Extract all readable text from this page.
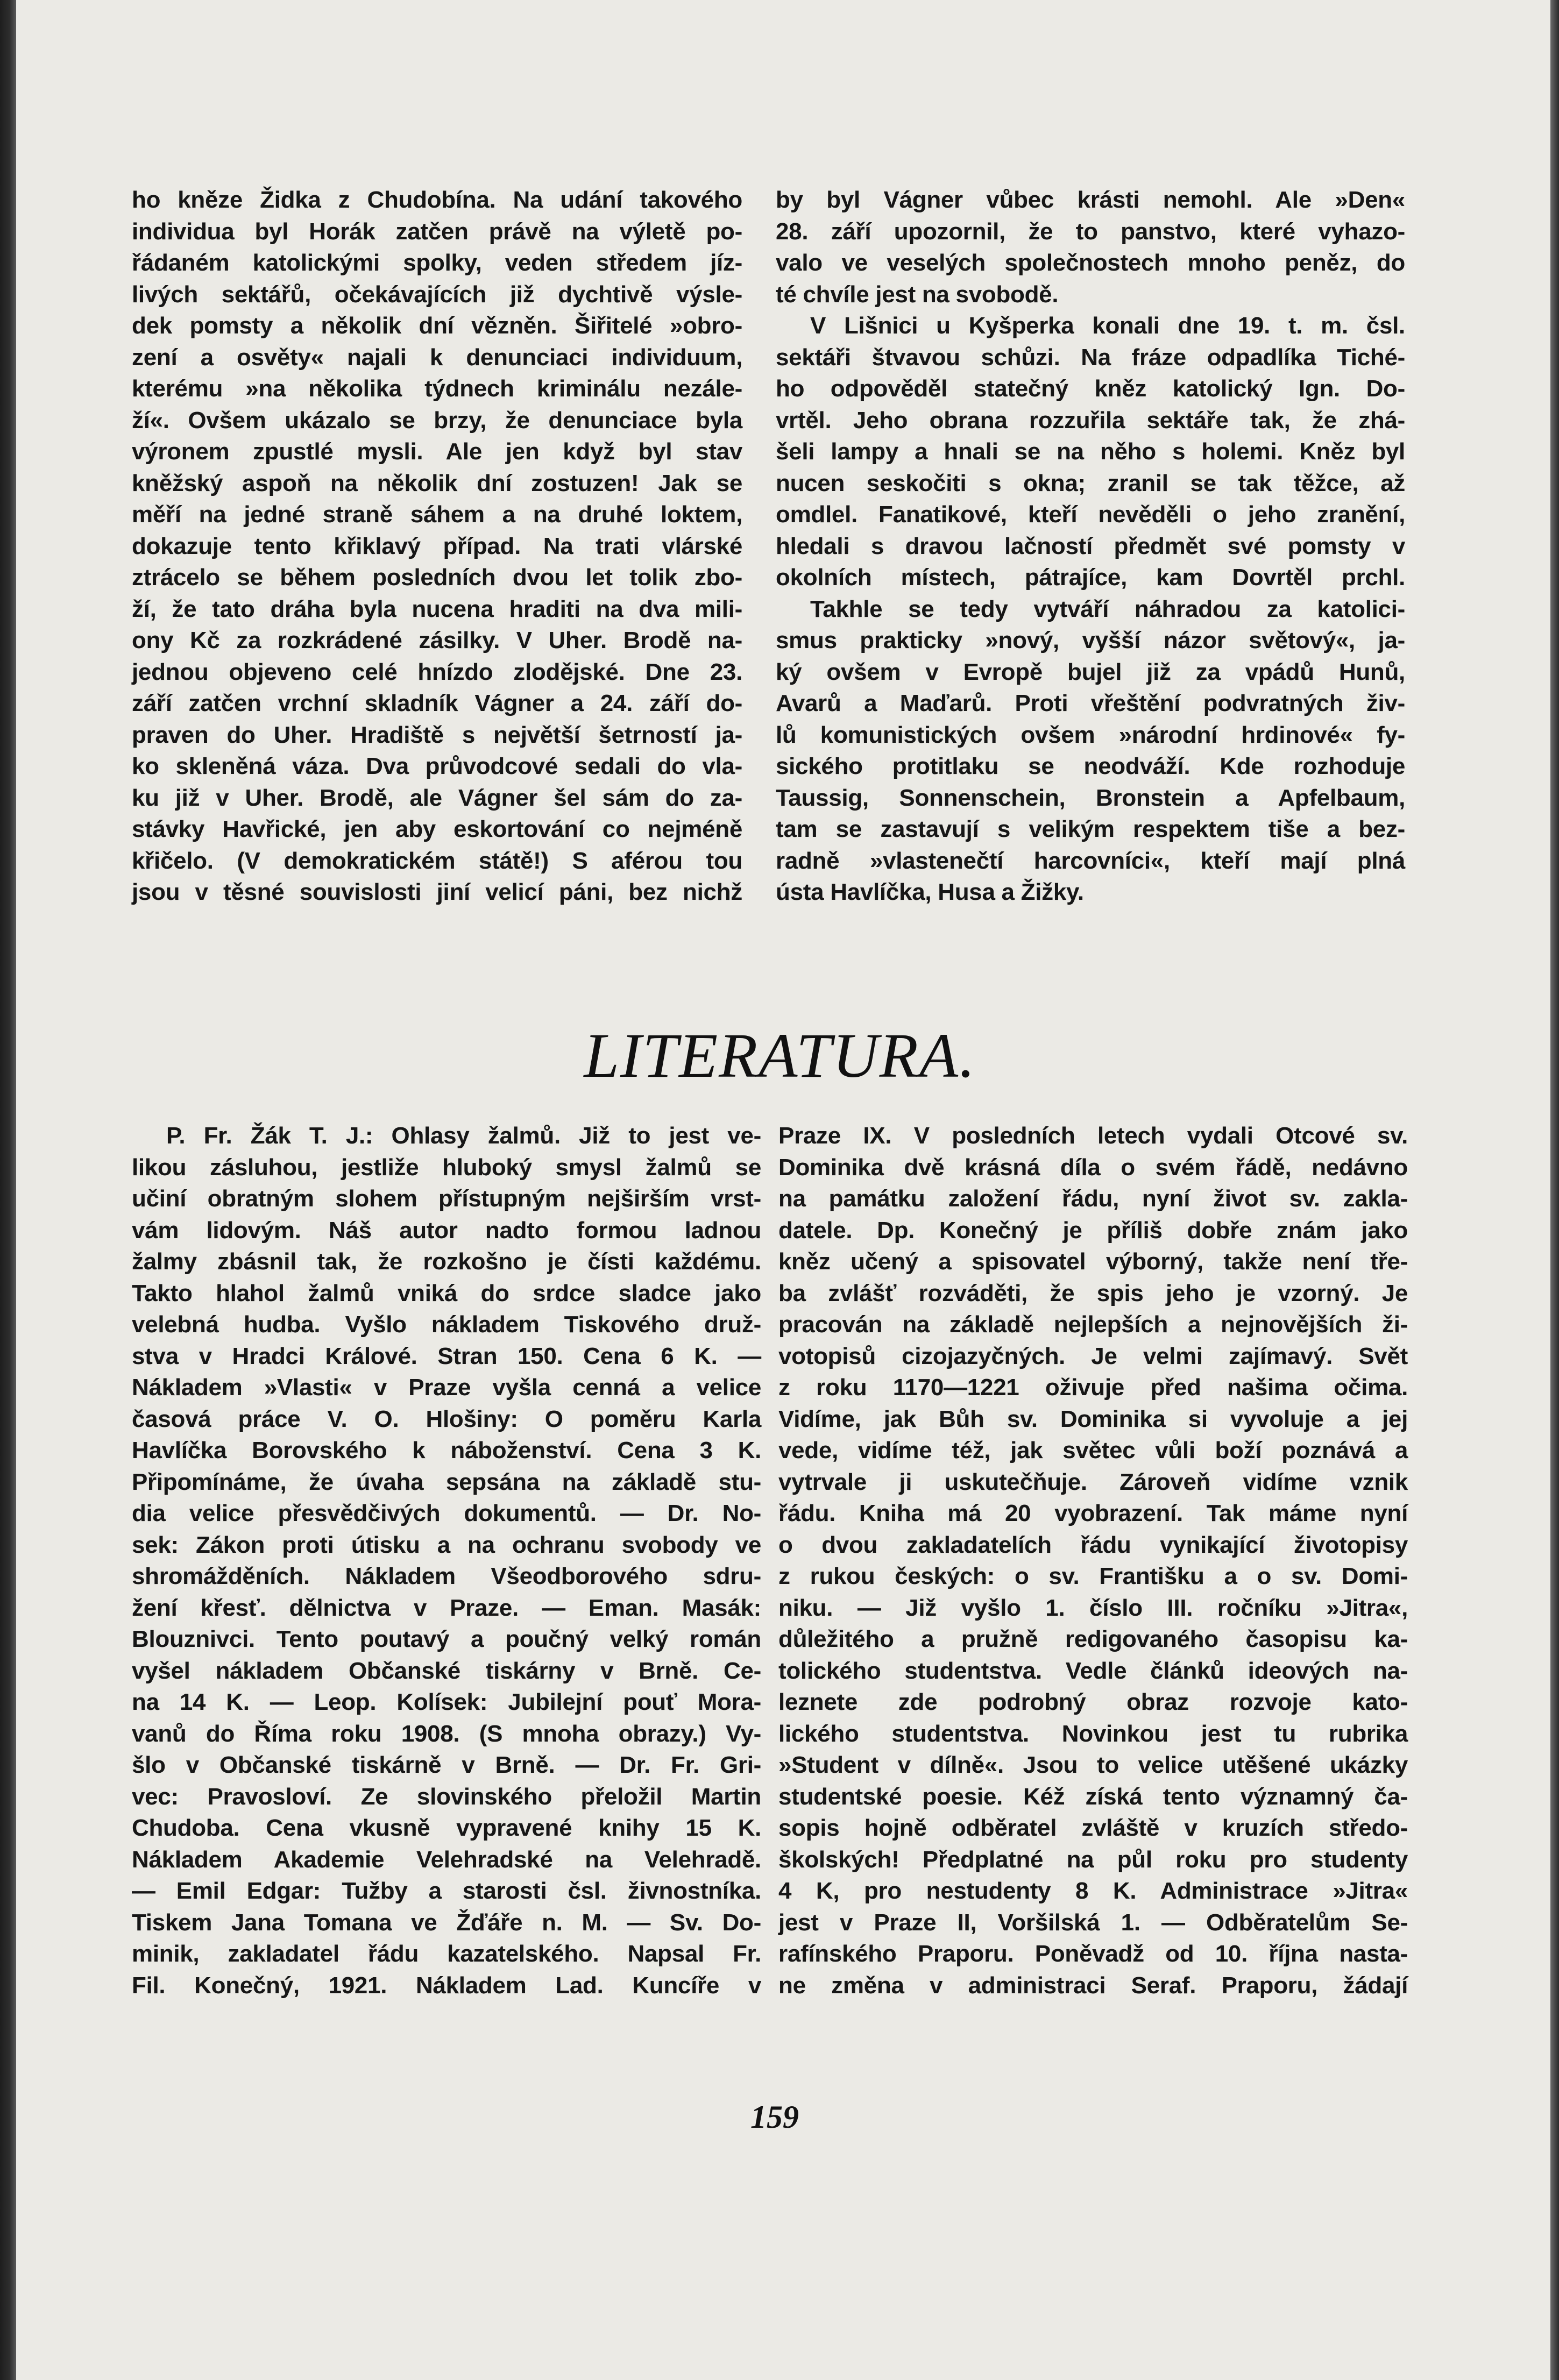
ho kněze Židka z Chudobína. Na udání takového

individua byl Horák zatčen právě na výletě po-

řádaném katolickými spolky, veden středem jíz-

livých sektářů, očekávajících již dychtivě výsle-

dek pomsty a několik dní vězněn. Šiřitelé »obro-

zení a osvěty« najali k denunciaci individuum,

kterému »na několika týdnech kriminálu nezále-

ží«. Ovšem ukázalo se brzy, že denunciace byla

výronem zpustlé mysli. Ale jen když byl stav

kněžský aspoň na několik dní zostuzen! Jak se

měří na jedné straně sáhem a na druhé loktem,

dokazuje tento křiklavý případ. Na trati vlárské

ztrácelo se během posledních dvou let tolik zbo-

ží, že tato dráha byla nucena hraditi na dva mili-

ony Kč za rozkrádené zásilky. V Uher. Brodě na-

jednou objeveno celé hnízdo zlodějské. Dne 23.

září zatčen vrchní skladník Vágner a 24. září do-

praven do Uher. Hradiště s největší šetrností ja-

ko skleněná váza. Dva průvodcové sedali do vla-

ku již v Uher. Brodě, ale Vágner šel sám do za-

stávky Havřické, jen aby eskortování co nejméně

křičelo. (V demokratickém státě!) S aférou tou

jsou v těsné souvislosti jiní velicí páni, bez nichž

by byl Vágner vůbec krásti nemohl. Ale »Den«

28. září upozornil, že to panstvo, které vyhazo-

valo ve veselých společnostech mnoho peněz, do

té chvíle jest na svobodě.

V Lišnici u Kyšperka konali dne 19. t. m. čsl.

sektáři štvavou schůzi. Na fráze odpadlíka Tiché-

ho odpověděl statečný kněz katolický Ign. Do-

vrtěl. Jeho obrana rozzuřila sektáře tak, že zhá-

šeli lampy a hnali se na něho s holemi. Kněz byl

nucen seskočiti s okna; zranil se tak těžce, až

omdlel. Fanatikové, kteří nevěděli o jeho zranění,

hledali s dravou lačností předmět své pomsty v

okolních místech, pátrajíce, kam Dovrtěl prchl.

Takhle se tedy vytváří náhradou za katolici-

smus prakticky »nový, vyšší názor světový«, ja-

ký ovšem v Evropě bujel již za vpádů Hunů,

Avarů a Maďarů. Proti vřeštění podvratných živ-

lů komunistických ovšem »národní hrdinové« fy-

sického protitlaku se neodváží. Kde rozhoduje

Taussig, Sonnenschein, Bronstein a Apfelbaum,

tam se zastavují s velikým respektem tiše a bez-

radně »vlastenečtí harcovníci«, kteří mají plná

ústa Havlíčka, Husa a Žižky.

LITERATURA.

P. Fr. Žák T. J.: Ohlasy žalmů. Již to jest ve-

likou zásluhou, jestliže hluboký smysl žalmů se

učiní obratným slohem přístupným nejširším vrst-

vám lidovým. Náš autor nadto formou ladnou

žalmy zbásnil tak, že rozkošno je čísti každému.

Takto hlahol žalmů vniká do srdce sladce jako

velebná hudba. Vyšlo nákladem Tiskového druž-

stva v Hradci Králové. Stran 150. Cena 6 K. —

Nákladem »Vlasti« v Praze vyšla cenná a velice

časová práce V. O. Hlošiny: O poměru Karla

Havlíčka Borovského k náboženství. Cena 3 K.

Připomínáme, že úvaha sepsána na základě stu-

dia velice přesvědčivých dokumentů. — Dr. No-

sek: Zákon proti útisku a na ochranu svobody ve

shromážděních. Nákladem Všeodborového sdru-

žení křesť. dělnictva v Praze. — Eman. Masák:

Blouznivci. Tento poutavý a poučný velký román

vyšel nákladem Občanské tiskárny v Brně. Ce-

na 14 K. — Leop. Kolísek: Jubilejní pouť Mora-

vanů do Říma roku 1908. (S mnoha obrazy.) Vy-

šlo v Občanské tiskárně v Brně. — Dr. Fr. Gri-

vec: Pravosloví. Ze slovinského přeložil Martin

Chudoba. Cena vkusně vypravené knihy 15 K.

Nákladem Akademie Velehradské na Velehradě.

— Emil Edgar: Tužby a starosti čsl. živnostníka.

Tiskem Jana Tomana ve Žďáře n. M. — Sv. Do-

minik, zakladatel řádu kazatelského. Napsal Fr.

Fil. Konečný, 1921. Nákladem Lad. Kuncíře v

Praze IX. V posledních letech vydali Otcové sv.

Dominika dvě krásná díla o svém řádě, nedávno

na památku založení řádu, nyní život sv. zakla-

datele. Dp. Konečný je příliš dobře znám jako

kněz učený a spisovatel výborný, takže není tře-

ba zvlášť rozváděti, že spis jeho je vzorný. Je

pracován na základě nejlepších a nejnovějších ži-

votopisů cizojazyčných. Je velmi zajímavý. Svět

z roku 1170—1221 oživuje před našima očima.

Vidíme, jak Bůh sv. Dominika si vyvoluje a jej

vede, vidíme též, jak světec vůli boží poznává a

vytrvale ji uskutečňuje. Zároveň vidíme vznik

řádu. Kniha má 20 vyobrazení. Tak máme nyní

o dvou zakladatelích řádu vynikající životopisy

z rukou českých: o sv. Františku a o sv. Domi-

niku. — Již vyšlo 1. číslo III. ročníku »Jitra«,

důležitého a pružně redigovaného časopisu ka-

tolického studentstva. Vedle článků ideových na-

leznete zde podrobný obraz rozvoje kato-

lického studentstva. Novinkou jest tu rubrika

»Student v dílně«. Jsou to velice utěšené ukázky

studentské poesie. Kéž získá tento významný ča-

sopis hojně odběratel zvláště v kruzích středo-

školských! Předplatné na půl roku pro studenty

4 K, pro nestudenty 8 K. Administrace »Jitra«

jest v Praze II, Voršilská 1. — Odběratelům Se-

rafínského Praporu. Poněvadž od 10. října nasta-

ne změna v administraci Seraf. Praporu, žádají

159
